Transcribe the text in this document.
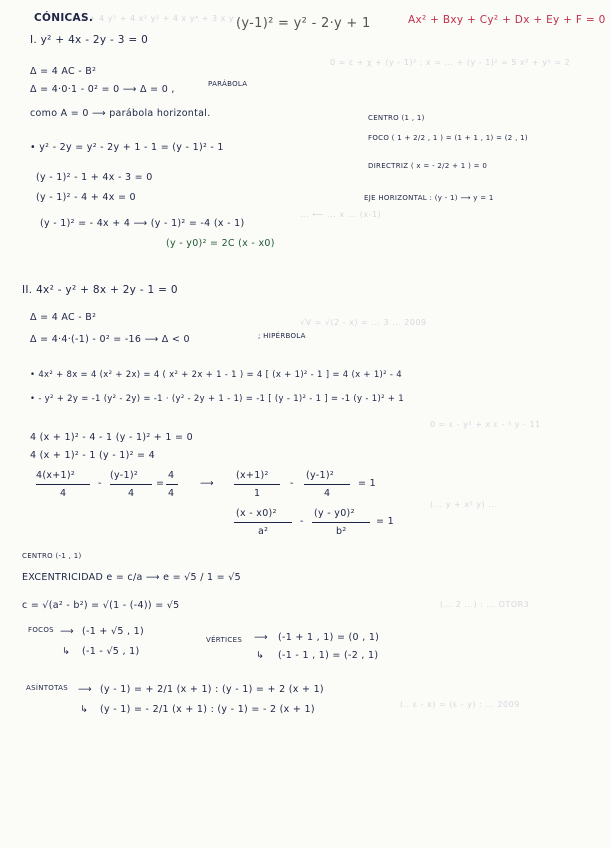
+ 3 + 4 y² + 4 x² y² + 4 x y⁴ + 3 x y
0 = ε + χ + (y - 1)² : x = ... + (y - 1)² = 5 x² + y² = 2
... ⟵ ... x ... (x-1)
√V = √(2 - x) = ... 3 ... 2009
0 = ε - y² + x ε - ² y - 11
(... y + x² y) ...
(... 2 ...) : ... OTOR3
(.. ε - x) = (ε - y) : ... 2009
CÓNICAS.	(y-1)² = y² - 2·y + 1	Ax² + Bxy + Cy² + Dx + Ey + F = 0
I. y² + 4x - 2y - 3 = 0
Δ = 4 AC - B²
Δ = 4·0·1 - 0² = 0 ⟶ Δ = 0 ,	PARÁBOLA
como A = 0 ⟶ parábola horizontal.
• y² - 2y = y² - 2y + 1 - 1 = (y - 1)² - 1
(y - 1)² - 1 + 4x - 3 = 0
(y - 1)² - 4 + 4x = 0
(y - 1)² = - 4x + 4 ⟶ (y - 1)² = -4 (x - 1)
(y - y0)² = 2C (x - x0)
CENTRO (1 , 1)
FOCO ( 1 + 2/2 , 1 ) = (1 + 1 , 1) = (2 , 1)
DIRECTRIZ ( x = - 2/2 + 1 ) = 0
EJE HORIZONTAL : (y - 1) ⟶ y = 1
II. 4x² - y² + 8x + 2y - 1 = 0
Δ = 4 AC - B²
Δ = 4·4·(-1) - 0² = -16 ⟶ Δ < 0	; HIPÉRBOLA
• 4x² + 8x = 4 (x² + 2x) = 4 ( x² + 2x + 1 - 1 ) = 4 [ (x + 1)² - 1 ] = 4 (x + 1)² - 4
• - y² + 2y = -1 (y² - 2y) = -1 · (y² - 2y + 1 - 1) = -1 [ (y - 1)² - 1 ] = -1 (y - 1)² + 1
4 (x + 1)² - 4 - 1 (y - 1)² + 1 = 0
4 (x + 1)² - 1 (y - 1)² = 4
4(x+1)²
4
-
(y-1)²
4
=
4
4
⟶
(x+1)²
1
-
(y-1)²
4
= 1
(x - x0)²
a²
-
(y - y0)²
b²
= 1
CENTRO (-1 , 1)
EXCENTRICIDAD e = c/a ⟶ e = √5 / 1 = √5
c = √(a² - b²) = √(1 - (-4)) = √5
FOCOS ⟶ (-1 + √5 , 1)
↳ (-1 - √5 , 1)
VÉRTICES ⟶ (-1 + 1 , 1) = (0 , 1)
↳ (-1 - 1 , 1) = (-2 , 1)
ASÍNTOTAS ⟶ (y - 1) = + 2/1 (x + 1) : (y - 1) = + 2 (x + 1)
↳ (y - 1) = - 2/1 (x + 1) : (y - 1) = - 2 (x + 1)
